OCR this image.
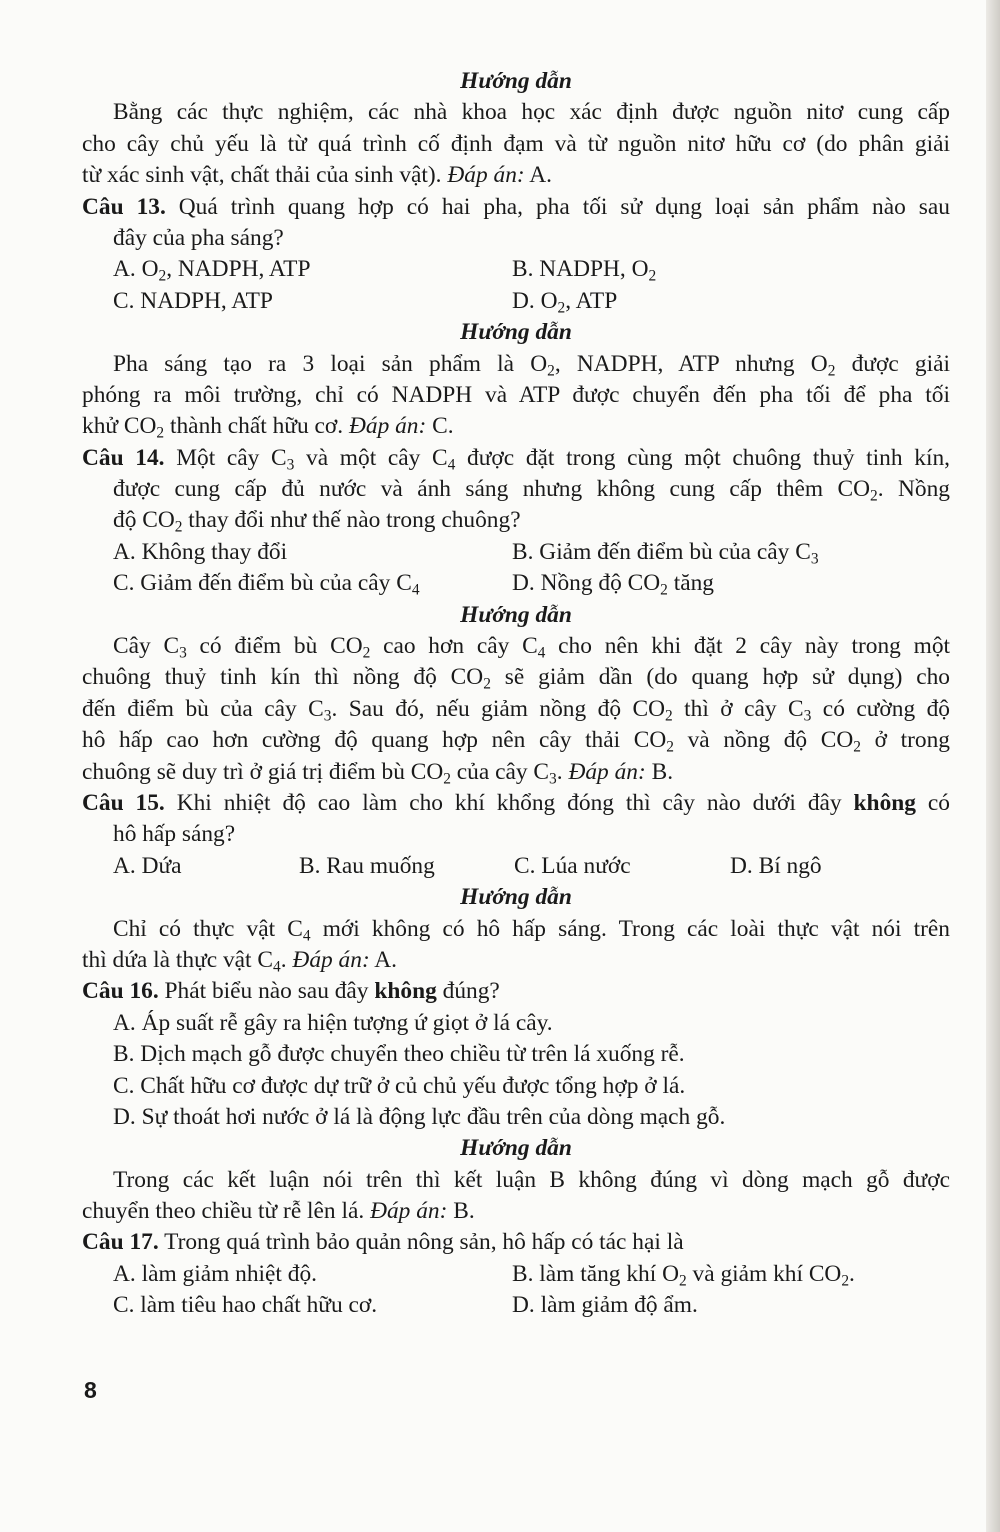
Hướng dẫn
Bằng các thực nghiệm, các nhà khoa học xác định được nguồn nitơ cung cấp
cho cây chủ yếu là từ quá trình cố định đạm và từ nguồn nitơ hữu cơ (do phân giải
từ xác sinh vật, chất thải của sinh vật). Đáp án: A.
Câu 13. Quá trình quang hợp có hai pha, pha tối sử dụng loại sản phẩm nào sau
đây của pha sáng?
A. $O_2$, NADPH, ATP	B. NADPH, $O_2$
C. NADPH, ATP	D. $O_2$, ATP
Hướng dẫn
Pha sáng tạo ra 3 loại sản phẩm là $O_2$, NADPH, ATP nhưng $O_2$ được giải
phóng ra môi trường, chỉ có NADPH và ATP được chuyển đến pha tối để pha tối
khử $CO_2$ thành chất hữu cơ. Đáp án: C.
Câu 14. Một cây $C_3$ và một cây $C_4$ được đặt trong cùng một chuông thuỷ tinh kín,
được cung cấp đủ nước và ánh sáng nhưng không cung cấp thêm $CO_2$. Nồng
độ $CO_2$ thay đổi như thế nào trong chuông?
A. Không thay đổi	B. Giảm đến điểm bù của cây $C_3$
C. Giảm đến điểm bù của cây $C_4$	D. Nồng độ $CO_2$ tăng
Hướng dẫn
Cây $C_3$ có điểm bù $CO_2$ cao hơn cây $C_4$ cho nên khi đặt 2 cây này trong một
chuông thuỷ tinh kín thì nồng độ $CO_2$ sẽ giảm dần (do quang hợp sử dụng) cho
đến điểm bù của cây $C_3$. Sau đó, nếu giảm nồng độ $CO_2$ thì ở cây $C_3$ có cường độ
hô hấp cao hơn cường độ quang hợp nên cây thải $CO_2$ và nồng độ $CO_2$ ở trong
chuông sẽ duy trì ở giá trị điểm bù $CO_2$ của cây $C_3$. Đáp án: B.
Câu 15. Khi nhiệt độ cao làm cho khí khổng đóng thì cây nào dưới đây không có
hô hấp sáng?
A. Dứa	B. Rau muống	C. Lúa nước	D. Bí ngô
Hướng dẫn
Chỉ có thực vật $C_4$ mới không có hô hấp sáng. Trong các loài thực vật nói trên
thì dứa là thực vật $C_4$. Đáp án: A.
Câu 16. Phát biểu nào sau đây không đúng?
A. Áp suất rễ gây ra hiện tượng ứ giọt ở lá cây.
B. Dịch mạch gỗ được chuyển theo chiều từ trên lá xuống rễ.
C. Chất hữu cơ được dự trữ ở củ chủ yếu được tổng hợp ở lá.
D. Sự thoát hơi nước ở lá là động lực đầu trên của dòng mạch gỗ.
Hướng dẫn
Trong các kết luận nói trên thì kết luận B không đúng vì dòng mạch gỗ được
chuyển theo chiều từ rễ lên lá. Đáp án: B.
Câu 17. Trong quá trình bảo quản nông sản, hô hấp có tác hại là
A. làm giảm nhiệt độ.	B. làm tăng khí $O_2$ và giảm khí $CO_2$.
C. làm tiêu hao chất hữu cơ.	D. làm giảm độ ẩm.
8
